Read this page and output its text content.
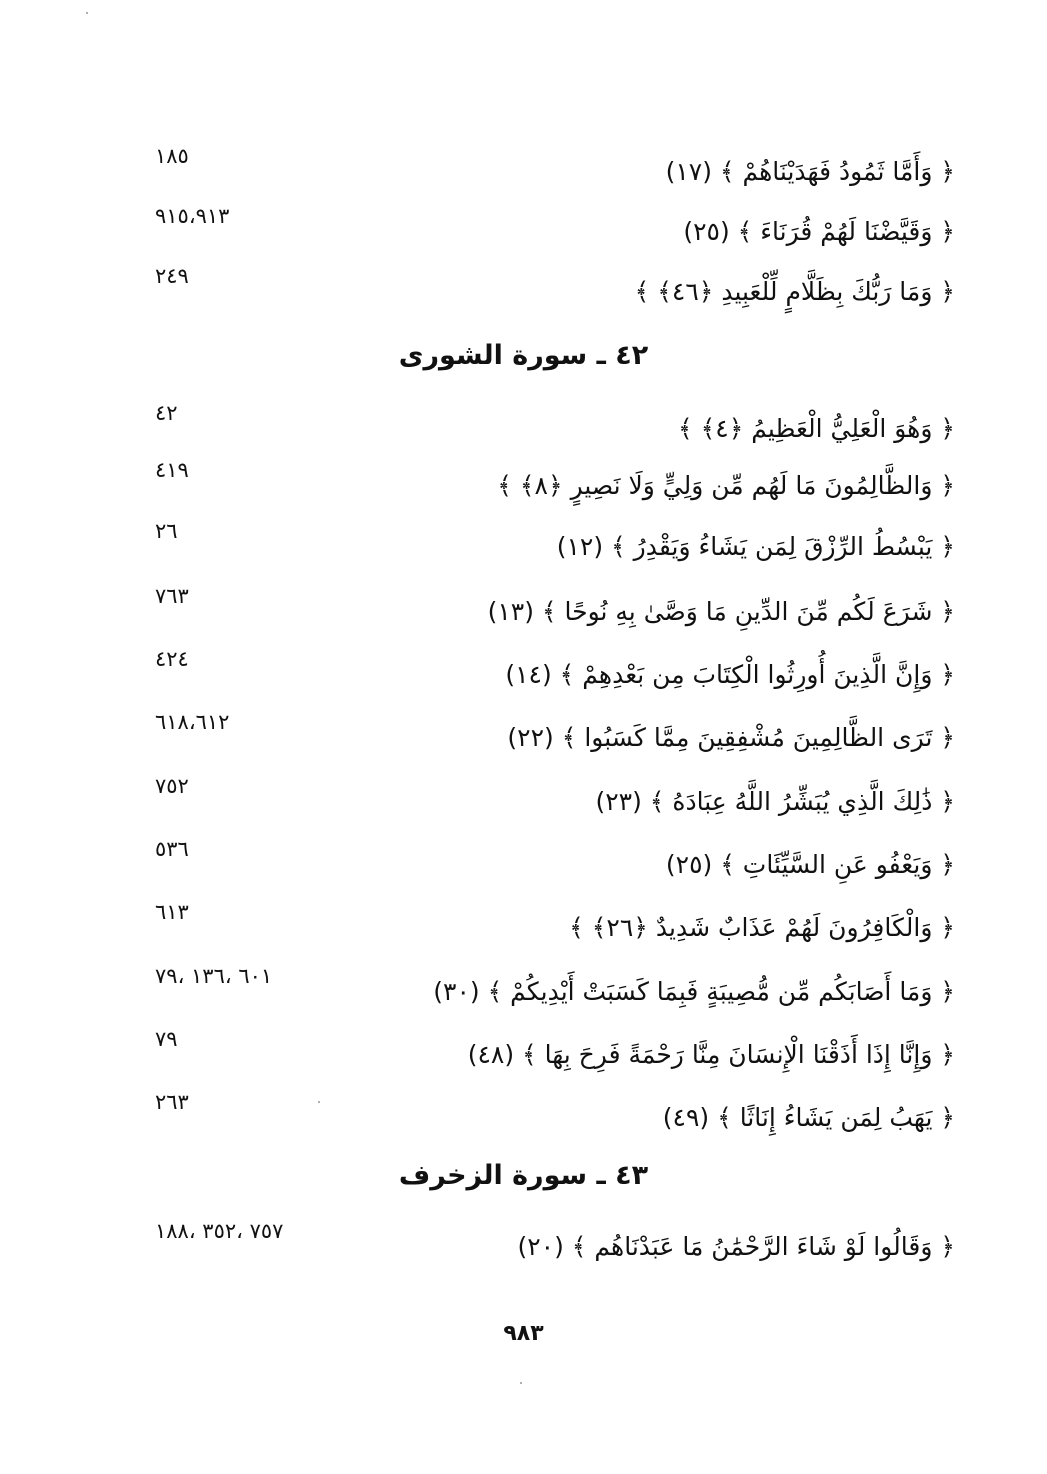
﴿ وَأَمَّا ثَمُودُ فَهَدَيْنَاهُمْ ﴾ (١٧)
١٨٥
﴿ وَقَيَّضْنَا لَهُمْ قُرَنَاءَ ﴾ (٢٥)
٩١٥،٩١٣
﴿ وَمَا رَبُّكَ بِظَلَّامٍ لِّلْعَبِيدِ ﴿٤٦﴾ ﴾
٢٤٩
٤٢ ـ سورة الشورى
﴿ وَهُوَ الْعَلِيُّ الْعَظِيمُ ﴿٤﴾ ﴾
٤٢
﴿ وَالظَّالِمُونَ مَا لَهُم مِّن وَلِيٍّ وَلَا نَصِيرٍ ﴿٨﴾ ﴾
٤١٩
﴿ يَبْسُطُ الرِّزْقَ لِمَن يَشَاءُ وَيَقْدِرُ ﴾ (١٢)
٢٦
﴿ شَرَعَ لَكُم مِّنَ الدِّينِ مَا وَصَّىٰ بِهِ نُوحًا ﴾ (١٣)
٧٦٣
﴿ وَإِنَّ الَّذِينَ أُورِثُوا الْكِتَابَ مِن بَعْدِهِمْ ﴾ (١٤)
٤٢٤
﴿ تَرَى الظَّالِمِينَ مُشْفِقِينَ مِمَّا كَسَبُوا ﴾ (٢٢)
٦١٨،٦١٢
﴿ ذَٰلِكَ الَّذِي يُبَشِّرُ اللَّهُ عِبَادَهُ ﴾ (٢٣)
٧٥٢
﴿ وَيَعْفُو عَنِ السَّيِّئَاتِ ﴾ (٢٥)
٥٣٦
﴿ وَالْكَافِرُونَ لَهُمْ عَذَابٌ شَدِيدٌ ﴿٢٦﴾ ﴾
٦١٣
﴿ وَمَا أَصَابَكُم مِّن مُّصِيبَةٍ فَبِمَا كَسَبَتْ أَيْدِيكُمْ ﴾ (٣٠)
٦٠١ ،١٣٦ ،٧٩
﴿ وَإِنَّا إِذَا أَذَقْنَا الْإِنسَانَ مِنَّا رَحْمَةً فَرِحَ بِهَا ﴾ (٤٨)
٧٩
﴿ يَهَبُ لِمَن يَشَاءُ إِنَاثًا ﴾ (٤٩)
٢٦٣
٤٣ ـ سورة الزخرف
﴿ وَقَالُوا لَوْ شَاءَ الرَّحْمَٰنُ مَا عَبَدْنَاهُم ﴾ (٢٠)
٧٥٧ ،٣٥٢ ،١٨٨
٩٨٣
